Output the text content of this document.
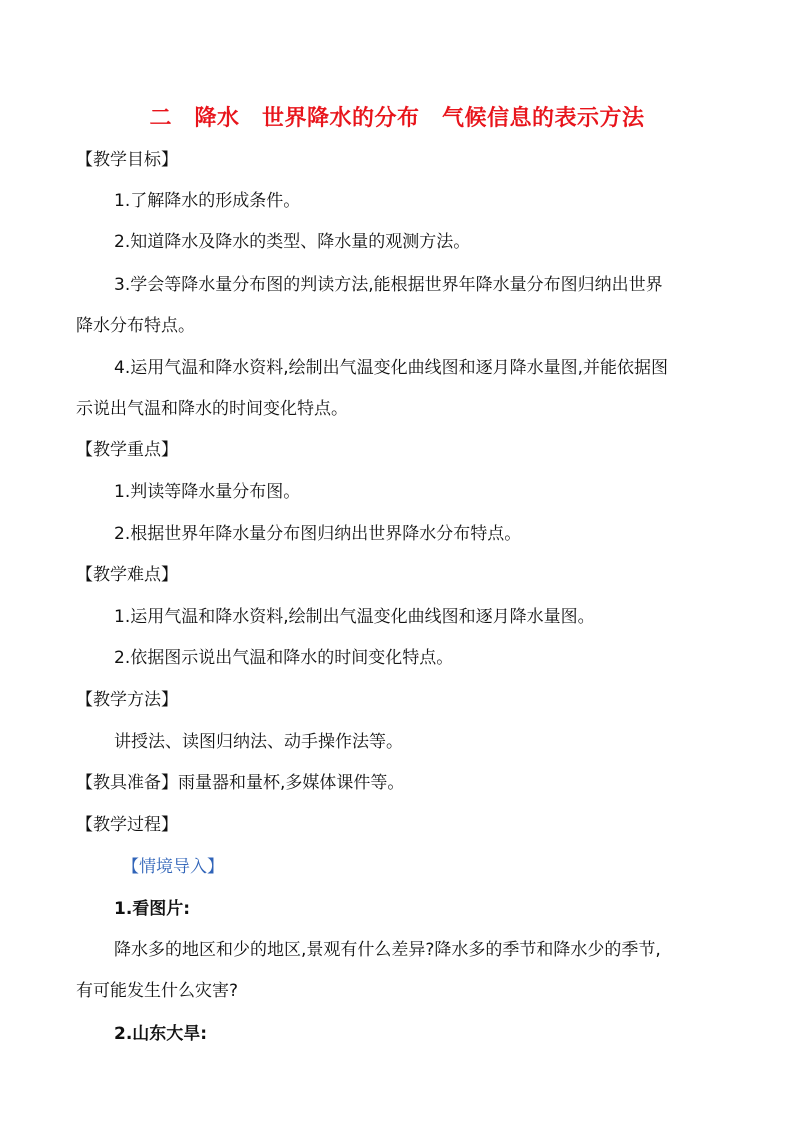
二　降水　世界降水的分布　气候信息的表示方法
【教学目标】
1.了解降水的形成条件。
2.知道降水及降水的类型、降水量的观测方法。
3.学会等降水量分布图的判读方法,能根据世界年降水量分布图归纳出世界
降水分布特点。
4.运用气温和降水资料,绘制出气温变化曲线图和逐月降水量图,并能依据图
示说出气温和降水的时间变化特点。
【教学重点】
1.判读等降水量分布图。
2.根据世界年降水量分布图归纳出世界降水分布特点。
【教学难点】
1.运用气温和降水资料,绘制出气温变化曲线图和逐月降水量图。
2.依据图示说出气温和降水的时间变化特点。
【教学方法】
讲授法、读图归纳法、动手操作法等。
【教具准备】雨量器和量杯,多媒体课件等。
【教学过程】
【情境导入】
1.看图片:
降水多的地区和少的地区,景观有什么差异?降水多的季节和降水少的季节,
有可能发生什么灾害?
2.山东大旱:
